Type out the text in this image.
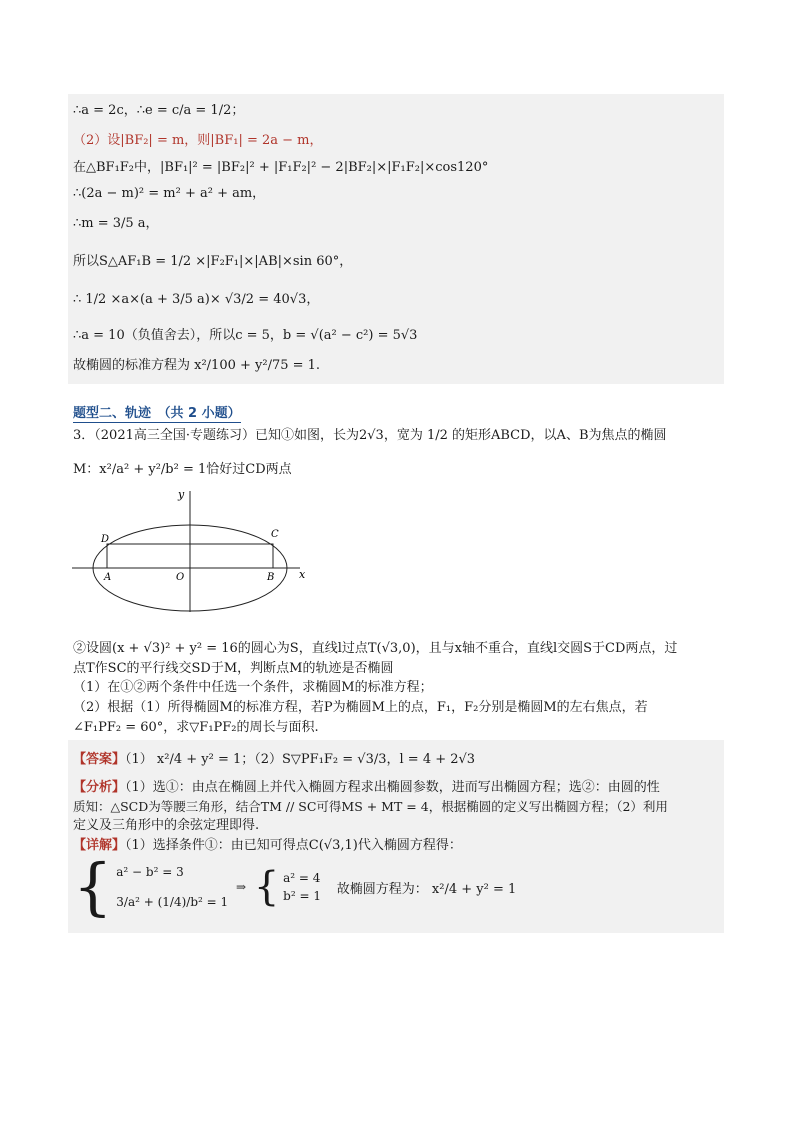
∴a = 2c，∴e = c/a = 1/2；
（2）设|BF₂| = m，则|BF₁| = 2a − m，
在△BF₁F₂中，|BF₁|² = |BF₂|² + |F₁F₂|² − 2|BF₂|×|F₁F₂|×cos120°
∴(2a − m)² = m² + a² + am，
∴m = 3/5 a，
所以S△AF₁B = 1/2 ×|F₂F₁|×|AB|×sin 60°，
∴ 1/2 ×a×(a + 3/5 a)× √3/2 = 40√3，
∴a = 10（负值舍去），所以c = 5，b = √(a² − c²) = 5√3
故椭圆的标准方程为 x²/100 + y²/75 = 1.
题型二、轨迹　（共 2 小题）
3．（2021高三全国·专题练习）已知①如图，长为2√3，宽为 1/2 的矩形ABCD，以A、B为焦点的椭圆
M：x²/a² + y²/b² = 1恰好过CD两点
y
x
D	C
A	O	B
②设圆(x + √3)² + y² = 16的圆心为S，直线l过点T(√3,0)，且与x轴不重合，直线l交圆S于CD两点，过
点T作SC的平行线交SD于M，判断点M的轨迹是否椭圆
（1）在①②两个条件中任选一个条件，求椭圆M的标准方程；
（2）根据（1）所得椭圆M的标准方程，若P为椭圆M上的点，F₁，F₂分别是椭圆M的左右焦点，若
∠F₁PF₂ = 60°，求▽F₁PF₂的周长与面积.
【答案】（1） x²/4 + y² = 1；（2）S▽PF₁F₂ = √3/3，l = 4 + 2√3
【分析】（1）选①：由点在椭圆上并代入椭圆方程求出椭圆参数，进而写出椭圆方程；选②：由圆的性
质知：△SCD为等腰三角形，结合TM // SC可得MS + MT = 4，根据椭圆的定义写出椭圆方程；（2）利用
定义及三角形中的余弦定理即得.
【详解】（1）选择条件①：由已知可得点C(√3,1)代入椭圆方程得：
{ a² − b² = 3
3/a² + (1/4)/b² = 1
⇒ { a² = 4
b² = 1 故椭圆方程为： x²/4 + y² = 1
